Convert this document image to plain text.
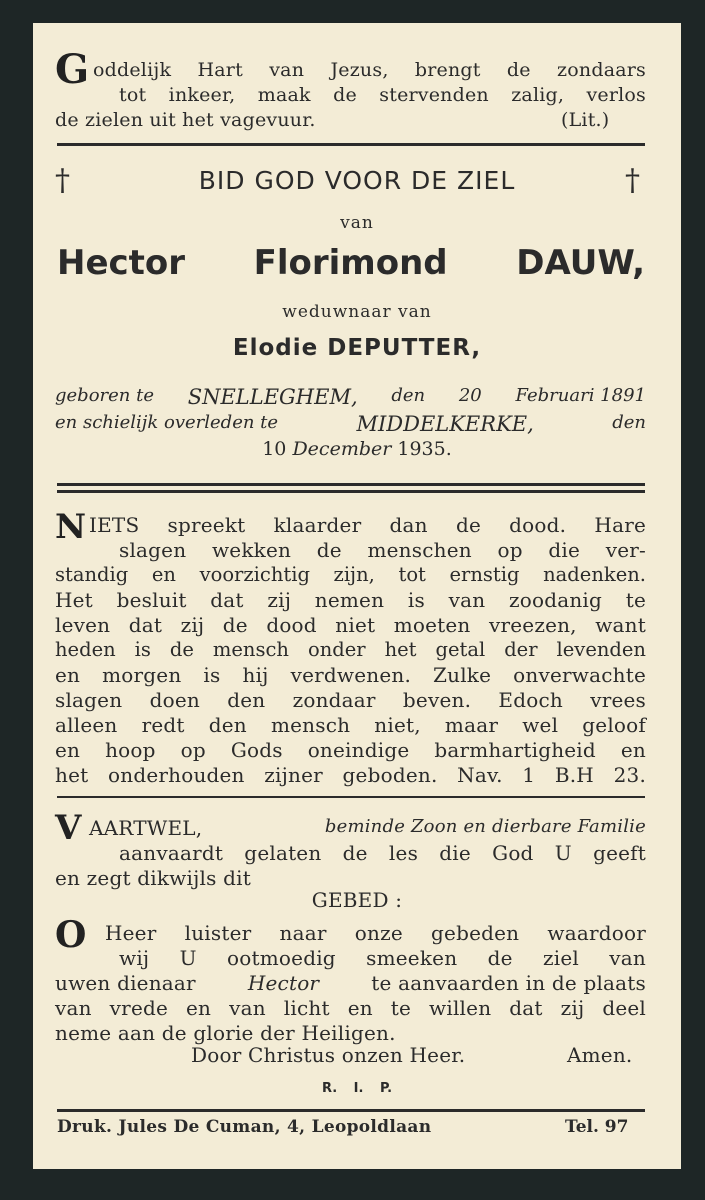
G oddelijk Hart van Jezus, brengt de zondaars
tot inkeer, maak de stervenden zalig, verlos
de zielen uit het vagevuur.	(Lit.)
†	BID GOD VOOR DE ZIEL	†
van
Hector Florimond DAUW,
weduwnaar van
Elodie DEPUTTER,
geboren te SNELLEGHEM, den 20 Februari 1891
en schielijk overleden te	MIDDELKERKE,	den
10 December 1935.
N IETS spreekt klaarder dan de dood. Hare
slagen wekken de menschen op die ver-
standig en voorzichtig zijn, tot ernstig nadenken.
Het besluit dat zij nemen is van zoodanig te
leven dat zij de dood niet moeten vreezen, want
heden is de mensch onder het getal der levenden
en morgen is hij verdwenen. Zulke onverwachte
slagen doen den zondaar beven. Edoch vrees
alleen redt den mensch niet, maar wel geloof
en hoop op Gods oneindige barmhartigheid en
het onderhouden zijner geboden. Nav. 1 B.H 23.
V AARTWEL,	beminde Zoon en dierbare Familie
aanvaardt gelaten de les die God U geeft
en zegt dikwijls dit
GEBED :
O Heer luister naar onze gebeden waardoor
wij U ootmoedig smeeken de ziel van
uwen dienaar	Hector	te aanvaarden in de plaats
van vrede en van licht en te willen dat zij deel
neme aan de glorie der Heiligen.
Door Christus onzen Heer.	Amen.
R. I. P.
Druk. Jules De Cuman, 4, Leopoldlaan	Tel. 97
